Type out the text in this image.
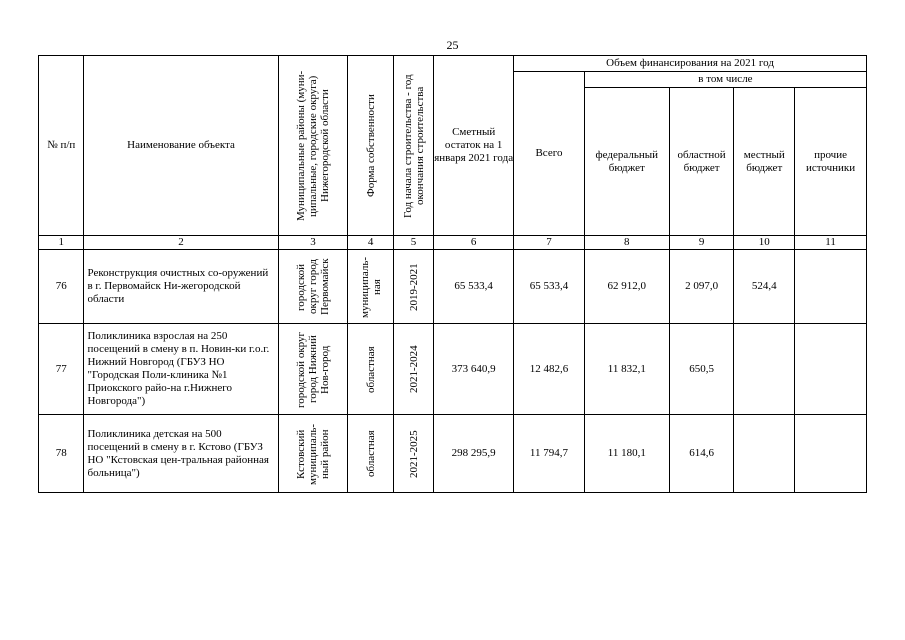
25
№ п/п	Наименование объекта	Муниципальные районы (муни-ципальные, городские округа) Нижегородской области	Форма собственности	Год начала строительства - год окончания строительства	Сметный остаток на 1 января 2021 года	Объем финансирования на 2021 год				
						Всего	в том числе			
							федеральный бюджет	областной бюджет	местный бюджет	прочие источники
1	2	3	4	5	6	7	8	9	10	11
76	Реконструкция очистных со-оружений в г. Первомайск Ни-жегородской области	городской округ город Первомайск	муниципаль-ная	2019-2021	65 533,4	65 533,4	62 912,0	2 097,0	524,4	
77	Поликлиника взрослая на 250 посещений в смену в п. Новин-ки г.о.г. Нижний Новгород (ГБУЗ НО "Городская Поли-клиника №1 Приокского райо-на г.Нижнего Новгорода")	городской округ город Нижний Нов-город	областная	2021-2024	373 640,9	12 482,6	11 832,1	650,5		
78	Поликлиника детская на 500 посещений в смену в г. Кстово (ГБУЗ НО "Кстовская цен-тральная районная больница")	Кстовский муниципаль-ный район	областная	2021-2025	298 295,9	11 794,7	11 180,1	614,6		
